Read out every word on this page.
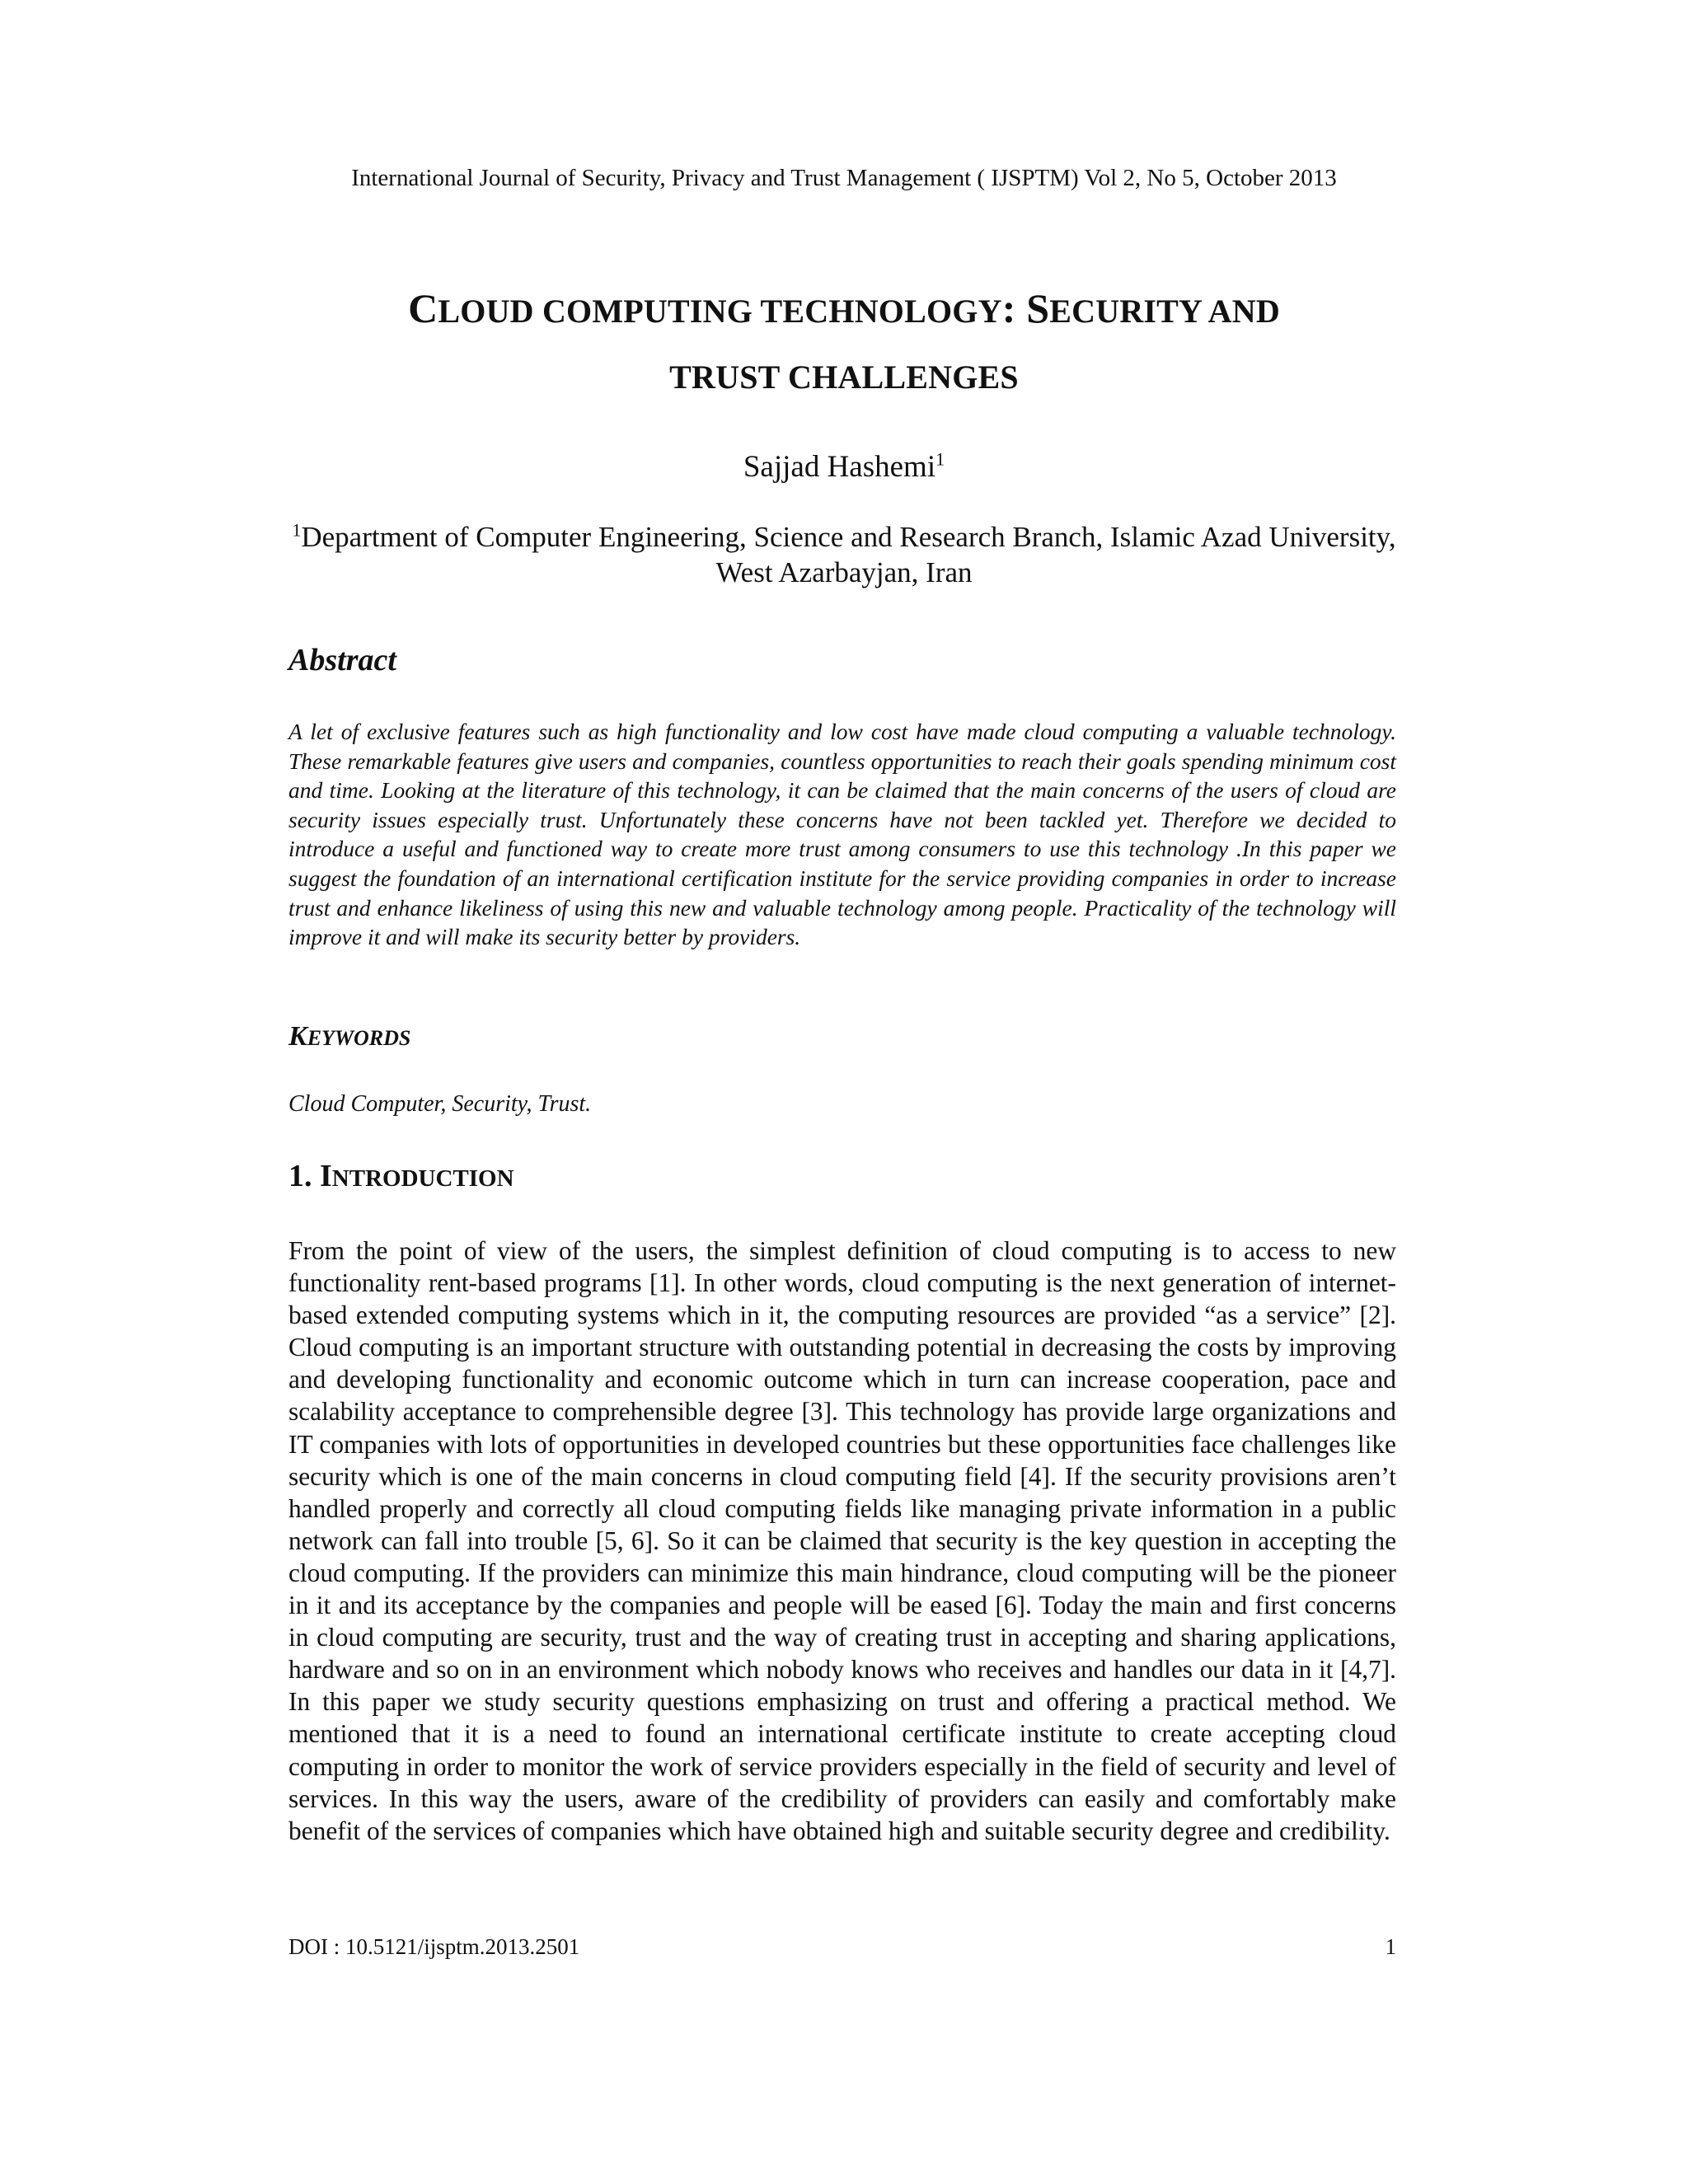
International Journal of Security, Privacy and Trust Management ( IJSPTM) Vol 2, No 5, October 2013
CLOUD COMPUTING TECHNOLOGY: SECURITY AND
TRUST CHALLENGES
Sajjad Hashemi$^1$
$^1$Department of Computer Engineering, Science and Research Branch, Islamic Azad University, West Azarbayjan, Iran
Abstract
A let of exclusive features such as high functionality and low cost have made cloud computing a valuable technology. These remarkable features give users and companies, countless opportunities to reach their goals spending minimum cost and time. Looking at the literature of this technology, it can be claimed that the main concerns of the users of cloud are security issues especially trust. Unfortunately these concerns have not been tackled yet. Therefore we decided to introduce a useful and functioned way to create more trust among consumers to use this technology .In this paper we suggest the foundation of an international certification institute for the service providing companies in order to increase trust and enhance likeliness of using this new and valuable technology among people. Practicality of the technology will improve it and will make its security better by providers.
KEYWORDS
Cloud Computer, Security, Trust.
1. INTRODUCTION
From the point of view of the users, the simplest definition of cloud computing is to access to new functionality rent-based programs [1]. In other words, cloud computing is the next generation of internet-based extended computing systems which in it, the computing resources are provided “as a service” [2]. Cloud computing is an important structure with outstanding potential in decreasing the costs by improving and developing functionality and economic outcome which in turn can increase cooperation, pace and scalability acceptance to comprehensible degree [3]. This technology has provide large organizations and IT companies with lots of opportunities in developed countries but these opportunities face challenges like security which is one of the main concerns in cloud computing field [4]. If the security provisions aren’t handled properly and correctly all cloud computing fields like managing private information in a public network can fall into trouble [5, 6]. So it can be claimed that security is the key question in accepting the cloud computing. If the providers can minimize this main hindrance, cloud computing will be the pioneer in it and its acceptance by the companies and people will be eased [6]. Today the main and first concerns in cloud computing are security, trust and the way of creating trust in accepting and sharing applications, hardware and so on in an environment which nobody knows who receives and handles our data in it [4,7]. In this paper we study security questions emphasizing on trust and offering a practical method. We mentioned that it is a need to found an international certificate institute to create accepting cloud computing in order to monitor the work of service providers especially in the field of security and level of services. In this way the users, aware of the credibility of providers can easily and comfortably make benefit of the services of companies which have obtained high and suitable security degree and credibility.
DOI : 10.5121/ijsptm.2013.2501	1
